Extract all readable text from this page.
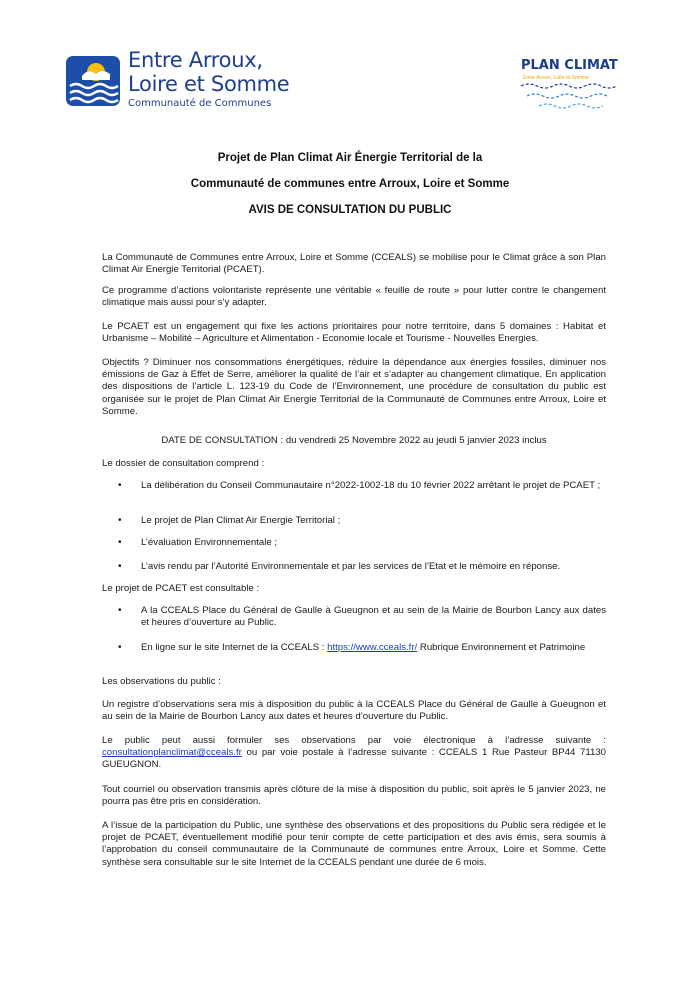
Entre Arroux,
Loire et Somme
Communauté de Communes
PLAN CLIMAT
Entre Arroux, Loire et Somme
Projet de Plan Climat Air Énergie Territorial de la
Communauté de communes entre Arroux, Loire et Somme
AVIS DE CONSULTATION DU PUBLIC

La Communauté de Communes entre Arroux, Loire et Somme (CCEALS) se mobilise pour le Climat grâce à son Plan Climat Air Energie Territorial (PCAET).

Ce programme d’actions volontariste représente une véritable « feuille de route » pour lutter contre le changement climatique mais aussi pour s’y adapter.

Le PCAET est un engagement qui fixe les actions prioritaires pour notre territoire, dans 5 domaines : Habitat et Urbanisme – Mobilité – Agriculture et Alimentation - Economie locale et Tourisme - Nouvelles Energies.

Objectifs ? Diminuer nos consommations énergétiques, réduire la dépendance aux énergies fossiles, diminuer nos émissions de Gaz à Effet de Serre, améliorer la qualité de l’air et s’adapter au changement climatique. En application des dispositions de l’article L. 123-19 du Code de l’Environnement, une procédure de consultation du public est organisée sur le projet de Plan Climat Air Energie Territorial de la Communauté de Communes entre Arroux, Loire et Somme.

DATE DE CONSULTATION : du vendredi 25 Novembre 2022 au jeudi 5 janvier 2023 inclus

Le dossier de consultation comprend :

• La délibération du Conseil Communautaire n°2022-1002-18 du 10 février 2022 arrêtant le projet de PCAET ;

• Le projet de Plan Climat Air Energie Territorial ;

• L’évaluation Environnementale ;

• L’avis rendu par l’Autorité Environnementale et par les services de l’Etat et le mémoire en réponse.

Le projet de PCAET est consultable :

• A la CCEALS Place du Général de Gaulle à Gueugnon et au sein de la Mairie de Bourbon Lancy aux dates et heures d’ouverture au Public.

• En ligne sur le site Internet de la CCEALS : https://www.cceals.fr/ Rubrique Environnement et Patrimoine

Les observations du public :

Un registre d’observations sera mis à disposition du public à la CCEALS Place du Général de Gaulle à Gueugnon et au sein de la Mairie de Bourbon Lancy aux dates et heures d’ouverture du Public.

Le public peut aussi formuler ses observations par voie électronique à l’adresse suivante : consultationplanclimat@cceals.fr ou par voie postale à l’adresse suivante : CCEALS 1 Rue Pasteur BP44 71130 GUEUGNON.

Tout courriel ou observation transmis après clôture de la mise à disposition du public, soit après le 5 janvier 2023, ne pourra pas être pris en considération.

A l’issue de la participation du Public, une synthèse des observations et des propositions du Public sera rédigée et le projet de PCAET, éventuellement modifié pour tenir compte de cette participation et des avis émis, sera soumis à l’approbation du conseil communautaire de la Communauté de communes entre Arroux, Loire et Somme. Cette synthèse sera consultable sur le site Internet de la CCEALS pendant une durée de 6 mois.
